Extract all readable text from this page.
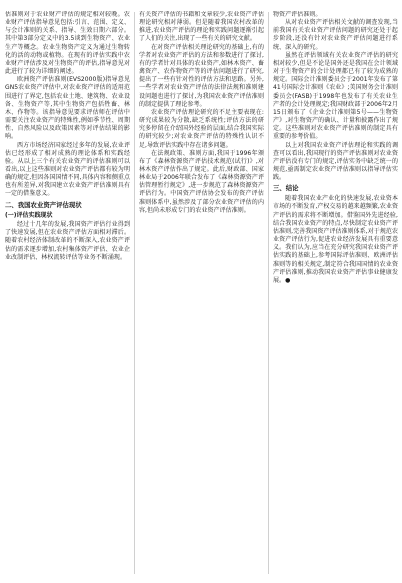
估准则对于农业财产评估的规定相对较晚。农业财产评估指导意见包括:引言、范围、定义、与会计准则的关系、指导、生效日期六部分。其中第3部分定义中的3.5谈到生物资产、农业生产等概念。农业生物资产定义为通过生物转化的活的动物或植物。在现有的评估实践中农业财产评估涉及对生物资产的评估,指导意见对此进行了较为详细的阐述。

欧洲资产评估准则(EVS2000版)指导意见GN5农业资产评估中,对农业资产评估的适用范围进行了界定,包括农业土地、建筑物、农业设备、生物资产等,其中生物资产包括牲畜、林木、作物等。该指导意见要求评估师在评估中需要关注农业资产的特殊性,例如季节性、周期性、自然风险以及政策因素等对评估结果的影响。

西方市场经济国家经过多年的发展,农业评估已经形成了相对成熟的理论体系和实践经验。从以上三个有关农业资产的评估准则可以看出,以上这些准则对农业资产评估都有较为明确的规定,但因各国国情不同,具体内容和侧重点也有所差异,对我国建立农业资产评估准则具有一定的借鉴意义。

二、我国农业资产评估现状
(一)评估实践现状

经过十几年的发展,我国资产评估行业得到了快速发展,但在农业资产评估方面相对滞后。随着农村经济体制改革的不断深入,农业资产评估的需求逐步增加,农村集体资产评估、农业企业改制评估、林权流转评估等业务不断涌现。

有关资产评估的书籍和文章较少,农业资产评估理论研究相对薄弱。但是随着我国农村改革的推进,农业资产评估的理论和实践问题逐渐引起了人们的关注,出现了一些有关的研究文献。

在对资产评估相关理论研究的基础上,有的学者对农业资产评估的方法和参数进行了探讨,有的学者针对具体的农业资产,如林木资产、畜禽资产、农作物资产等的评估问题进行了研究,提出了一些有针对性的评估方法和思路。另外,一些学者对农业资产评估的法律法规和准则建设问题也进行了探讨,为我国农业资产评估准则的制定提供了理论参考。

农业资产评估理论研究的不足主要表现在:研究成果较为分散,缺乏系统性;评估方法的研究多停留在介绍国外经验的层面,结合我国实际的研究较少;对农业资产评估的特殊性认识不足,导致评估实践中存在诸多问题。

在法规政策、准则方面,我国于1996年颁布了《森林资源资产评估技术规范(试行)》,对林木资产评估作出了规定。此后,财政部、国家林业局于2006年联合发布了《森林资源资产评估管理暂行规定》,进一步规范了森林资源资产评估行为。中国资产评估协会发布的资产评估准则体系中,虽然涉及了部分农业资产评估的内容,但尚未形成专门的农业资产评估准则。

物资产评估准则。

从对农业资产评估相关文献的调查发现,当前我国有关农业资产评估问题的研究还处于起步阶段,还没有针对农业资产评估问题进行系统、深入的研究。

虽然在评估领域有关农业资产评估的研究相对较少,但是不论是国外还是我国在会计领域对于生物资产的会计处理都已有了较为成熟的规定。国际会计准则委员会于2001年发布了第41号国际会计准则《农业》;美国财务会计准则委员会(FASB)于1998年也发布了有关农业生产者的会计处理规定;我国财政部于2006年2月15日颁布了《企业会计准则第5号——生物资产》,对生物资产的确认、计量和披露作出了规定。这些准则对农业资产评估准则的制定具有重要的参考价值。

以上对我国农业资产评估理论和实践的调查可以看出,我国现行的资产评估准则对农业资产评估没有专门的规定,评估实务中缺乏统一的规范,亟需制定农业资产评估准则以指导评估实践。

三、结论

随着我国农业产业化的快速发展,农业资本市场的不断发育,产权交易的越来越频繁,农业资产评估的需求将不断增加。借鉴国外先进经验,结合我国农业资产的特点,尽快制定农业资产评估准则,完善我国资产评估准则体系,对于规范农业资产评估行为,促进农业经济发展具有重要意义。我们认为,应当在充分研究我国农业资产评估实践的基础上,参考国际评估准则、欧洲评估准则等的相关规定,制定符合我国国情的农业资产评估准则,推动我国农业资产评估事业健康发展。●
